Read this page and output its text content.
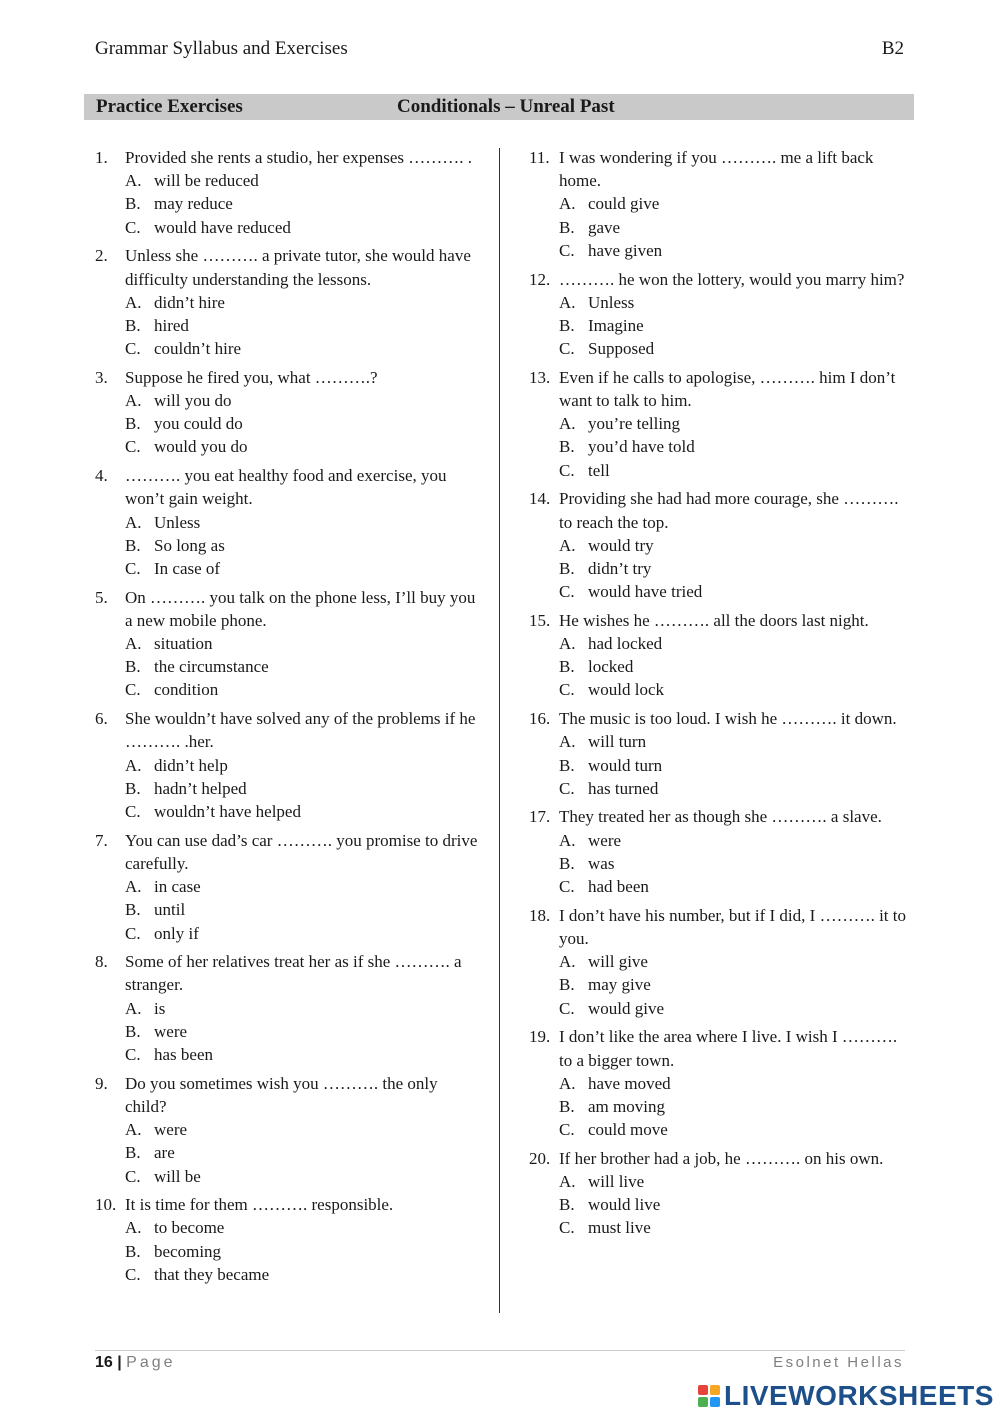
Grammar Syllabus and Exercises	B2
Practice Exercises	Conditionals – Unreal Past
1.	Provided she rents a studio, her expenses ………. .
A. will be reduced
B. may reduce
C. would have reduced
2.	Unless she ………. a private tutor, she would have difficulty understanding the lessons.
A. didn’t hire
B. hired
C. couldn’t hire
3.	Suppose he fired you, what ……….?
A. will you do
B. you could do
C. would you do
4.	………. you eat healthy food and exercise, you won’t gain weight.
A. Unless
B. So long as
C. In case of
5.	On ………. you talk on the phone less, I’ll buy you a new mobile phone.
A. situation
B. the circumstance
C. condition
6.	She wouldn’t have solved any of the problems if he ………. .her.
A. didn’t help
B. hadn’t helped
C. wouldn’t have helped
7.	You can use dad’s car ………. you promise to drive carefully.
A. in case
B. until
C. only if
8.	Some of her relatives treat her as if she ………. a stranger.
A. is
B. were
C. has been
9.	Do you sometimes wish you ………. the only child?
A. were
B. are
C. will be
10. It is time for them ………. responsible.
A. to become
B. becoming
C. that they became
11. I was wondering if you ………. me a lift back home.
A. could give
B. gave
C. have given
12. ………. he won the lottery, would you marry him?
A. Unless
B. Imagine
C. Supposed
13. Even if he calls to apologise, ………. him I don’t want to talk to him.
A. you’re telling
B. you’d have told
C. tell
14. Providing she had had more courage, she ………. to reach the top.
A. would try
B. didn’t try
C. would have tried
15. He wishes he ………. all the doors last night.
A. had locked
B. locked
C. would lock
16. The music is too loud. I wish he ………. it down.
A. will turn
B. would turn
C. has turned
17. They treated her as though she ………. a slave.
A. were
B. was
C. had been
18. I don’t have his number, but if I did, I ………. it to you.
A. will give
B. may give
C. would give
19. I don’t like the area where I live. I wish I ………. to a bigger town.
A. have moved
B. am moving
C. could move
20. If her brother had a job, he ………. on his own.
A. will live
B. would live
C. must live
16 | Page	Esolnet Hellas
LIVEWORKSHEETS
